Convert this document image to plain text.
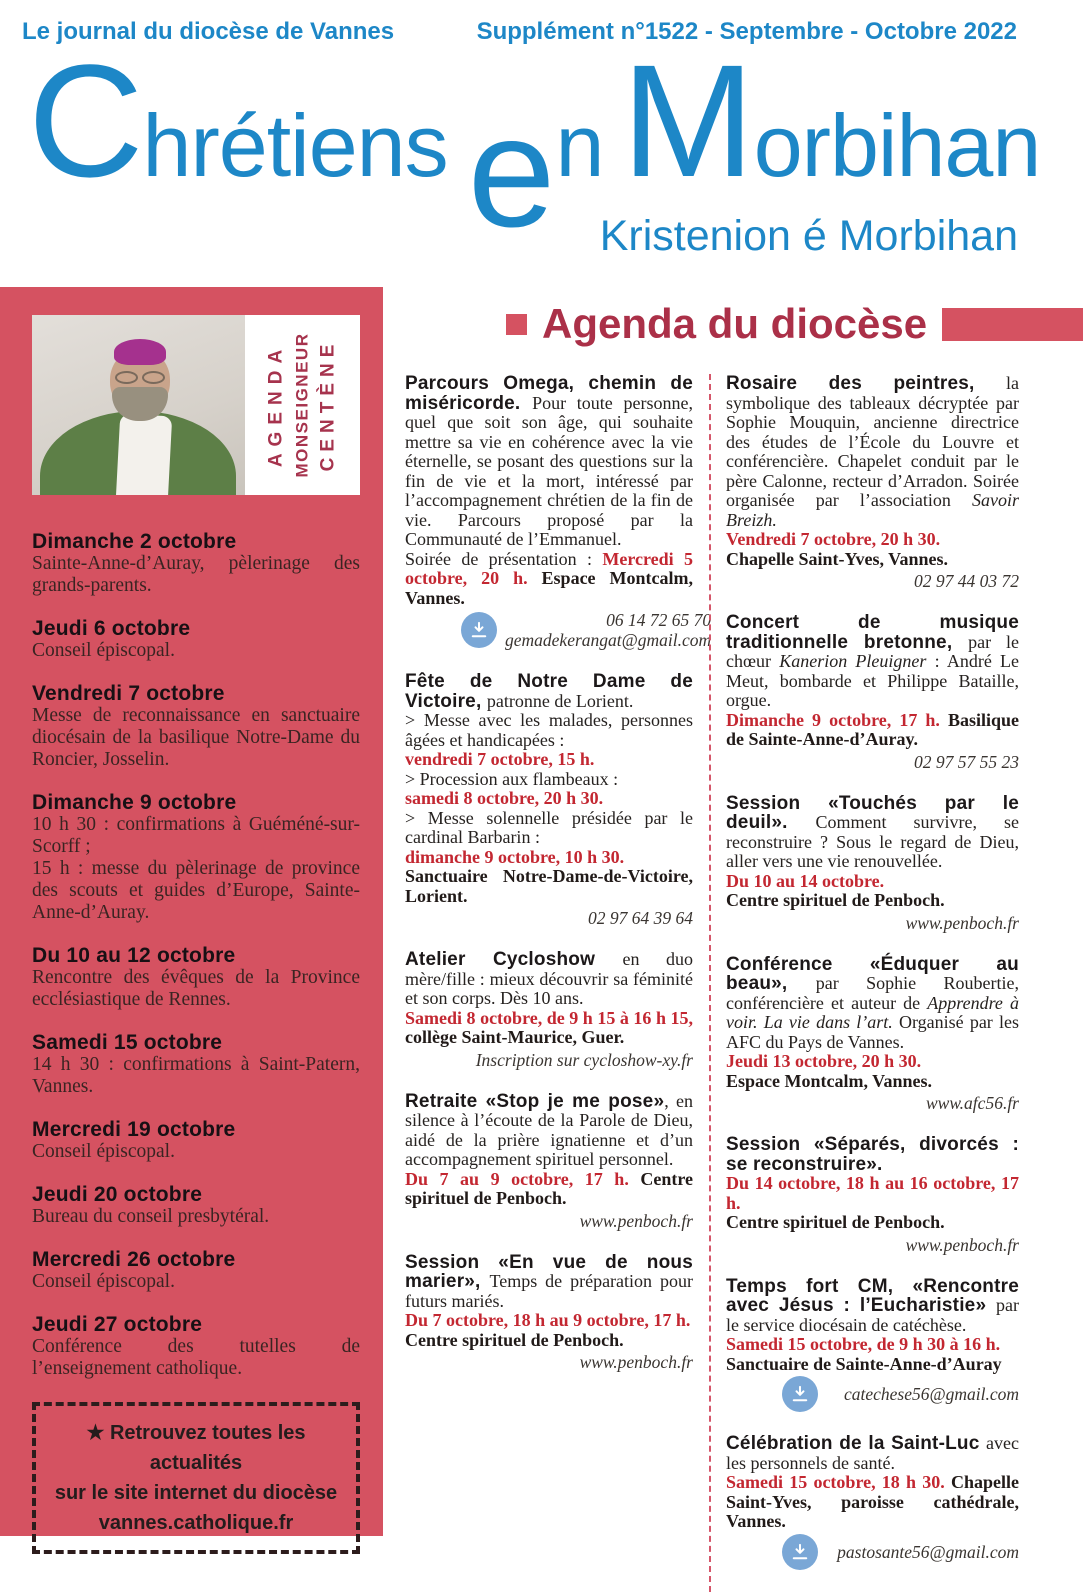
Le journal du diocèse de Vannes	Supplément n°1522 - Septembre - Octobre 2022
Chrétiens en Morbihan
Kristenion é Morbihan
Agenda du diocèse
AGENDA MONSEIGNEUR CENTÈNE
Dimanche 2 octobre

Sainte-Anne-d’Auray, pèlerinage des grands-parents.

Jeudi 6 octobre

Conseil épiscopal.

Vendredi 7 octobre

Messe de reconnaissance en sanctuaire diocésain de la basilique Notre-Dame du Roncier, Josselin.

Dimanche 9 octobre

10 h 30 : confirmations à Guéméné-sur-Scorff ;

15 h : messe du pèlerinage de province des scouts et guides d’Europe, Sainte-Anne-d’Auray.

Du 10 au 12 octobre

Rencontre des évêques de la Province ecclésiastique de Rennes.

Samedi 15 octobre

14 h 30 : confirmations à Saint-Patern, Vannes.

Mercredi 19 octobre

Conseil épiscopal.

Jeudi 20 octobre

Bureau du conseil presbytéral.

Mercredi 26 octobre

Conseil épiscopal.

Jeudi 27 octobre

Conférence des tutelles de l’enseignement catholique.

★ Retrouvez toutes les actualités
sur le site internet du diocèse
vannes.catholique.fr

Parcours Omega, chemin de miséricorde. Pour toute personne, quel que soit son âge, qui souhaite mettre sa vie en cohérence avec la vie éternelle, se posant des questions sur la fin de vie et la mort, intéressé par l’accompagnement chrétien de la fin de vie. Parcours proposé par la Communauté de l’Emmanuel.

Soirée de présentation : Mercredi 5 octobre, 20 h. Espace Montcalm, Vannes.

06 14 72 65 70
gemadekerangat@gmail.com

Fête de Notre Dame de Victoire, patronne de Lorient.

> Messe avec les malades, personnes âgées et handicapées :

vendredi 7 octobre, 15 h.

> Procession aux flambeaux :

samedi 8 octobre, 20 h 30.

> Messe solennelle présidée par le cardinal Barbarin :

dimanche 9 octobre, 10 h 30.

Sanctuaire Notre-Dame-de-Victoire, Lorient.

02 97 64 39 64

Atelier Cycloshow en duo mère/fille : mieux découvrir sa féminité et son corps. Dès 10 ans.

Samedi 8 octobre, de 9 h 15 à 16 h 15, collège Saint-Maurice, Guer.

Inscription sur cycloshow-xy.fr

Retraite «Stop je me pose», en silence à l’écoute de la Parole de Dieu, aidé de la prière ignatienne et d’un accompagnement spirituel personnel.

Du 7 au 9 octobre, 17 h. Centre spirituel de Penboch.

www.penboch.fr

Session «En vue de nous marier», Temps de préparation pour futurs mariés.

Du 7 octobre, 18 h au 9 octobre, 17 h.

Centre spirituel de Penboch.

www.penboch.fr

Rosaire des peintres, la symbolique des tableaux décryptée par Sophie Mouquin, ancienne directrice des études de l’École du Louvre et conférencière. Chapelet conduit par le père Calonne, recteur d’Arradon. Soirée organisée par l’association Savoir Breizh.

Vendredi 7 octobre, 20 h 30.

Chapelle Saint-Yves, Vannes.

02 97 44 03 72

Concert de musique traditionnelle bretonne, par le chœur Kanerion Pleuigner : André Le Meut, bombarde et Philippe Bataille, orgue.

Dimanche 9 octobre, 17 h. Basilique de Sainte-Anne-d’Auray.

02 97 57 55 23

Session «Touchés par le deuil». Comment survivre, se reconstruire ? Sous le regard de Dieu, aller vers une vie renouvellée.

Du 10 au 14 octobre.

Centre spirituel de Penboch.

www.penboch.fr

Conférence «Éduquer au beau», par Sophie Roubertie, conférencière et auteur de Apprendre à voir. La vie dans l’art. Organisé par les AFC du Pays de Vannes.

Jeudi 13 octobre, 20 h 30.

Espace Montcalm, Vannes.

www.afc56.fr

Session «Séparés, divorcés : se reconstruire».

Du 14 octobre, 18 h au 16 octobre, 17 h.

Centre spirituel de Penboch.

www.penboch.fr

Temps fort CM, «Rencontre avec Jésus : l’Eucharistie» par le service diocésain de catéchèse.

Samedi 15 octobre, de 9 h 30 à 16 h.

Sanctuaire de Sainte-Anne-d’Auray

catechese56@gmail.com

Célébration de la Saint-Luc avec les personnels de santé.

Samedi 15 octobre, 18 h 30. Chapelle Saint-Yves, paroisse cathédrale, Vannes.

pastosante56@gmail.com
